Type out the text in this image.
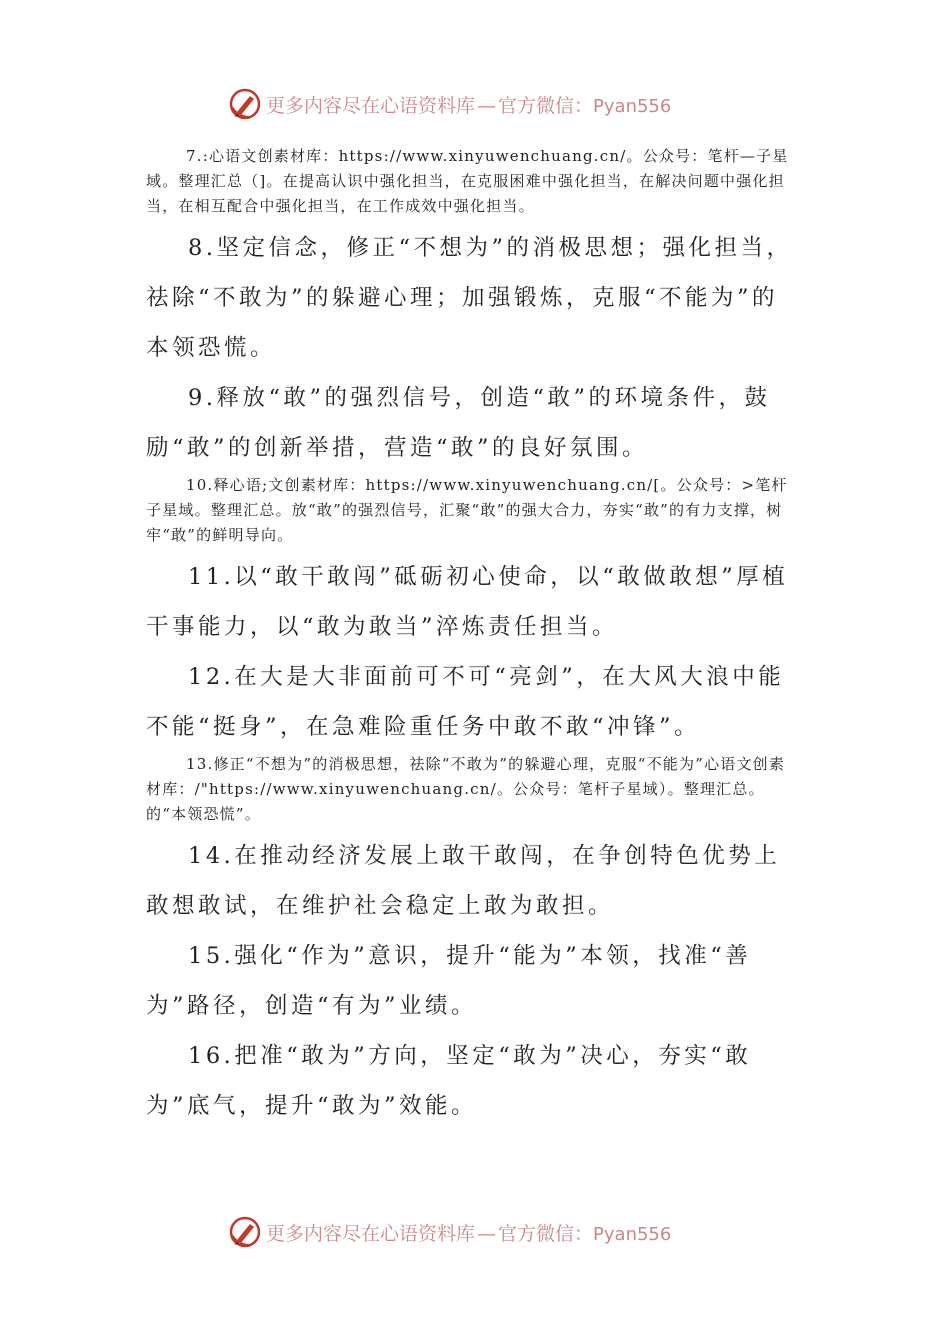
更多内容尽在心语资料库 — 官方微信：Pyan556

7.:心语文创素材库：https://www.xinyuwenchuang.cn/。公众号：笔杆—子星域。整理汇总（]。在提高认识中强化担当，在克服困难中强化担当，在解决问题中强化担当，在相互配合中强化担当，在工作成效中强化担当。

8.坚定信念，修正“不想为”的消极思想；强化担当，祛除“不敢为”的躲避心理；加强锻炼，克服“不能为”的本领恐慌。

9.释放“敢”的强烈信号，创造“敢”的环境条件，鼓励“敢”的创新举措，营造“敢”的良好氛围。

10.释心语;文创素材库：https://www.xinyuwenchuang.cn/[。公众号：>笔杆子星域。整理汇总。放“敢”的强烈信号，汇聚“敢”的强大合力，夯实“敢”的有力支撑，树牢“敢”的鲜明导向。

11.以“敢干敢闯”砥砺初心使命，以“敢做敢想”厚植干事能力，以“敢为敢当”淬炼责任担当。

12.在大是大非面前可不可“亮剑”，在大风大浪中能不能“挺身”，在急难险重任务中敢不敢“冲锋”。

13.修正“不想为”的消极思想，祛除“不敢为”的躲避心理，克服“不能为”心语文创素材库：/"https://www.xinyuwenchuang.cn/。公众号：笔杆子星域）。整理汇总。的“本领恐慌”。

14.在推动经济发展上敢干敢闯，在争创特色优势上敢想敢试，在维护社会稳定上敢为敢担。

15.强化“作为”意识，提升“能为”本领，找准“善为”路径，创造“有为”业绩。

16.把准“敢为”方向，坚定“敢为”决心，夯实“敢为”底气，提升“敢为”效能。

更多内容尽在心语资料库 — 官方微信：Pyan556
